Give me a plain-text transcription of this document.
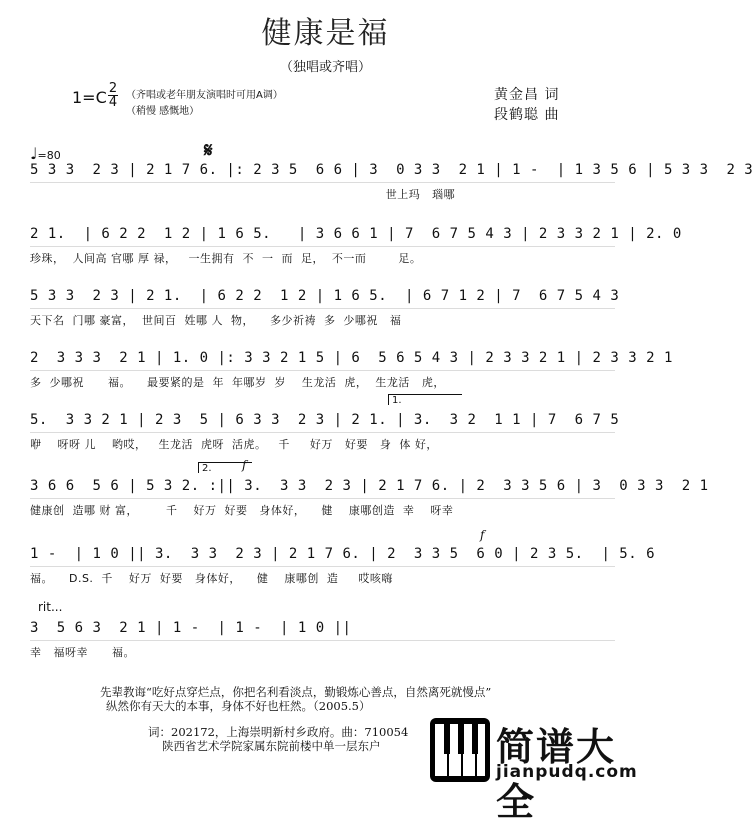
健康是福
（独唱或齐唱）
1=C 2
4 （齐唱或老年朋友演唱时可用A调）
（稍慢 感慨地）
黄金昌 词
段鹤聪 曲
♩=80	𝄋
5 3 3  2 3 | 2 1 7 6. |: 2 3 5  6 6 | 3  0 3 3  2 1 | 1 -  | 1 3 5 6 | 5 3 3  2 3
世上玛   瑙哪
2 1.  | 6 2 2  1 2 | 1 6 5.   | 3 6 6 1 | 7  6 7 5 4 3 | 2 3 3 2 1 | 2. 0
珍珠，  人间高 官哪 厚 禄，   一生拥有  不  一  而  足，  不一而        足。
5 3 3  2 3 | 2 1.  | 6 2 2  1 2 | 1 6 5.  | 6 7 1 2 | 7  6 7 5 4 3
天下名  门哪 豪富，  世间百  姓哪 人  物，    多少祈祷  多  少哪祝   福
2  3 3 3  2 1 | 1. 0 |: 3 3 2 1 5 | 6  5 6 5 4 3 | 2 3 3 2 1 | 2 3 3 2 1
多  少哪祝      福。    最要紧的是  年  年哪岁  岁    生龙活  虎，  生龙活   虎，
5.  3 3 2 1 | 2 3  5 | 6 3 3  2 3 | 2 1. | 3.  3 2  1 1 | 7  6 7 5
咿    呀呀 儿    哟哎，   生龙活  虎呀  活虎。   千     好万   好要   身  体 好，
3 6 6  5 6 | 5 3 2. :|| 3.  3 3  2 3 | 2 1 7 6. | 2  3 3 5 6 | 3  0 3 3  2 1
健康创  造哪 财 富，       千    好万  好要   身体好，    健    康哪创造  幸    呀幸
1 -  | 1 0 || 3.  3 3  2 3 | 2 1 7 6. | 2  3 3 5  6 0 | 2 3 5.  | 5. 6
福。    D.S.  千    好万  好要   身体好，    健    康哪创  造     哎咳嗨
3  5 6 3  2 1 | 1 -  | 1 -  | 1 0 ||
幸   福呀幸      福。
1.
2.	f
f
rit...
先辈教诲“吃好点穿烂点，你把名利看淡点，勤锻炼心善点，自然离死就慢点”
纵然你有天大的本事，身体不好也枉然。（2005.5）
词：202172，上海崇明新村乡政府。曲：710054
陕西省艺术学院家属东院前楼中单一层东户	简谱大全
jianpudq.com
